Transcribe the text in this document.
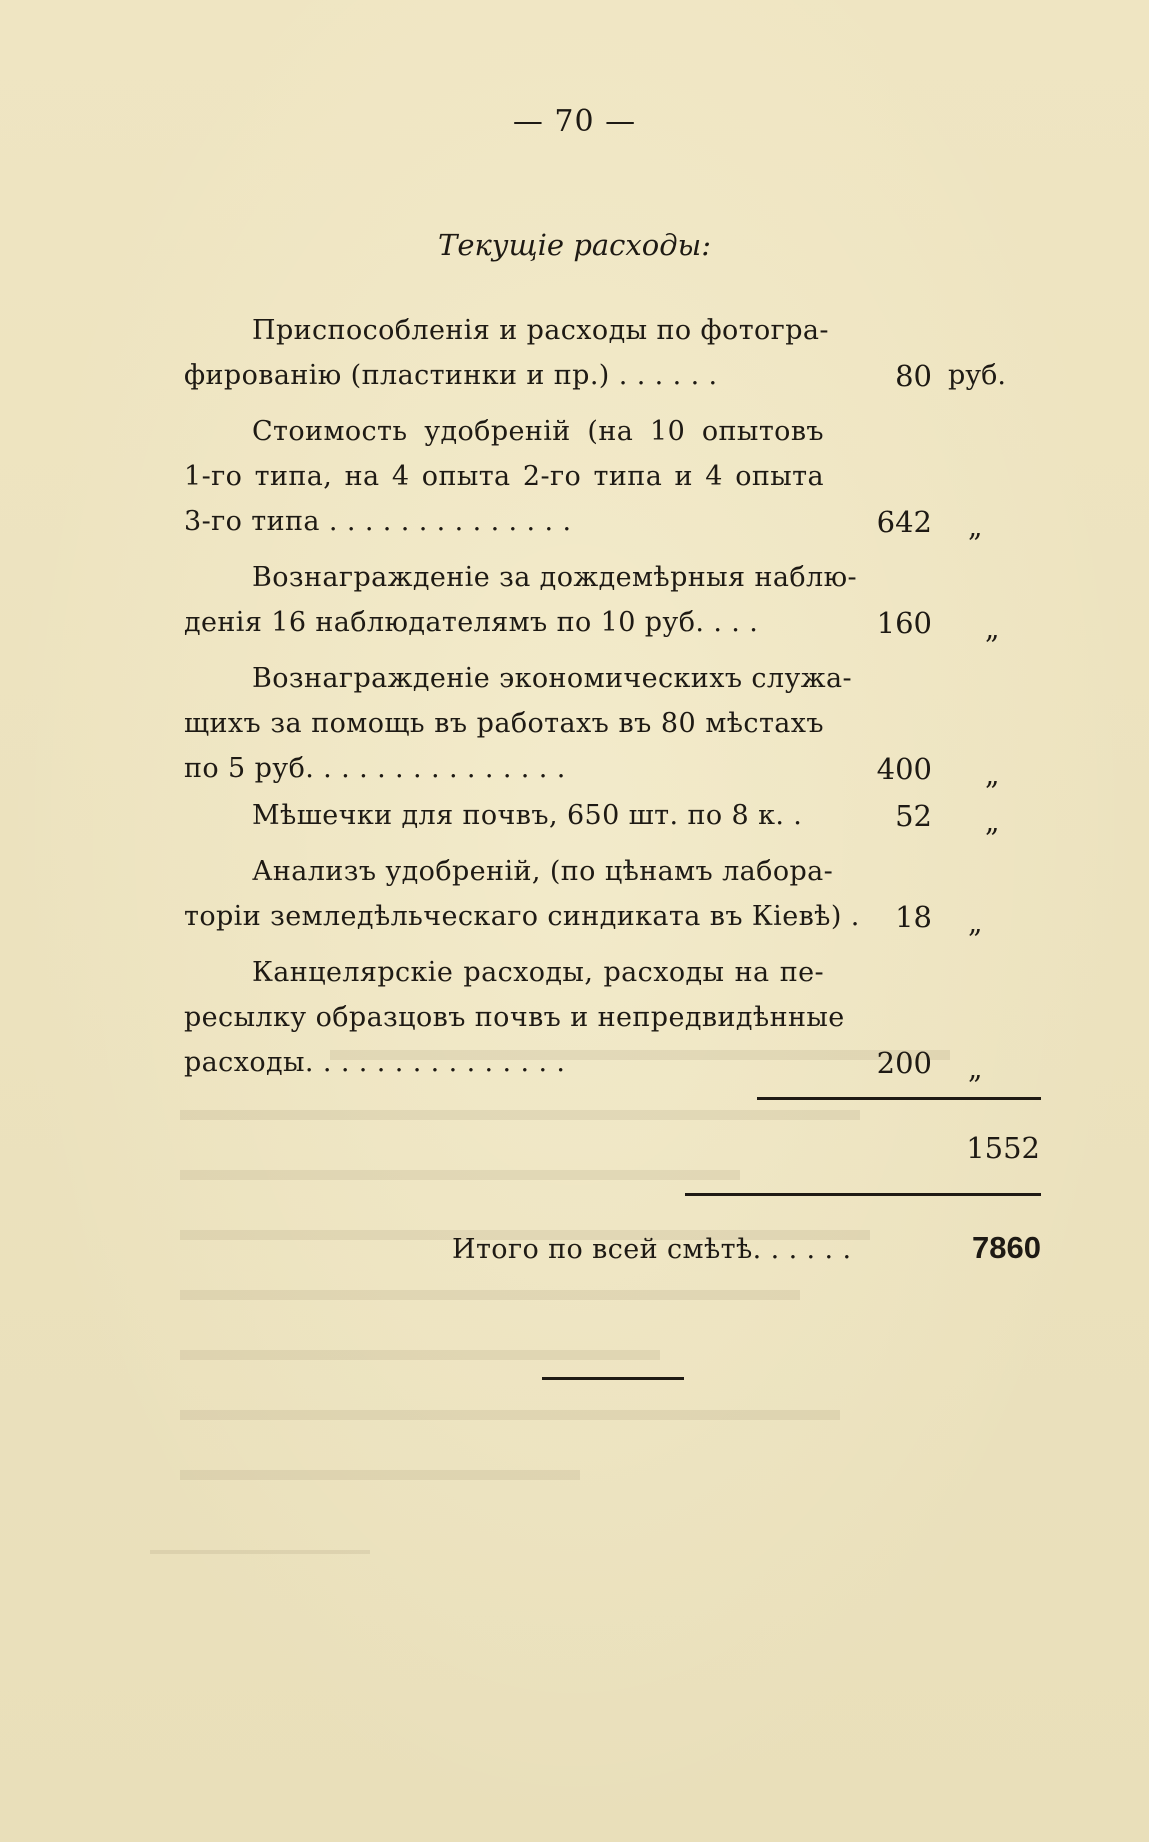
— 70 —
Текущіе расходы:
Приспособленія и расходы по фотогра-
фированію (пластинки и пр.) . . . . . .	80 руб.
Стоимость удобреній (на 10 опытовъ
1-го типа, на 4 опыта 2-го типа и 4 опыта
3-го типа . . . . . . . . . . . . . .	642 „
Вознагражденіе за дождемѣрныя наблю-
денія 16 наблюдателямъ по 10 руб. . . .	160 „
Вознагражденіе экономическихъ служа-
щихъ за помощь въ работахъ въ 80 мѣстахъ
по 5 руб. . . . . . . . . . . . . . .	400 „
Мѣшечки для почвъ, 650 шт. по 8 к. .	52 „
Анализъ удобреній, (по цѣнамъ лабора-
торіи земледѣльческаго синдиката въ Кіевѣ) .	18 „
Канцелярскіе расходы, расходы на пе-
ресылку образцовъ почвъ и непредвидѣнные
расходы. . . . . . . . . . . . . . .	200 „
1552
Итого по всей смѣтѣ. . . . . .	7860
